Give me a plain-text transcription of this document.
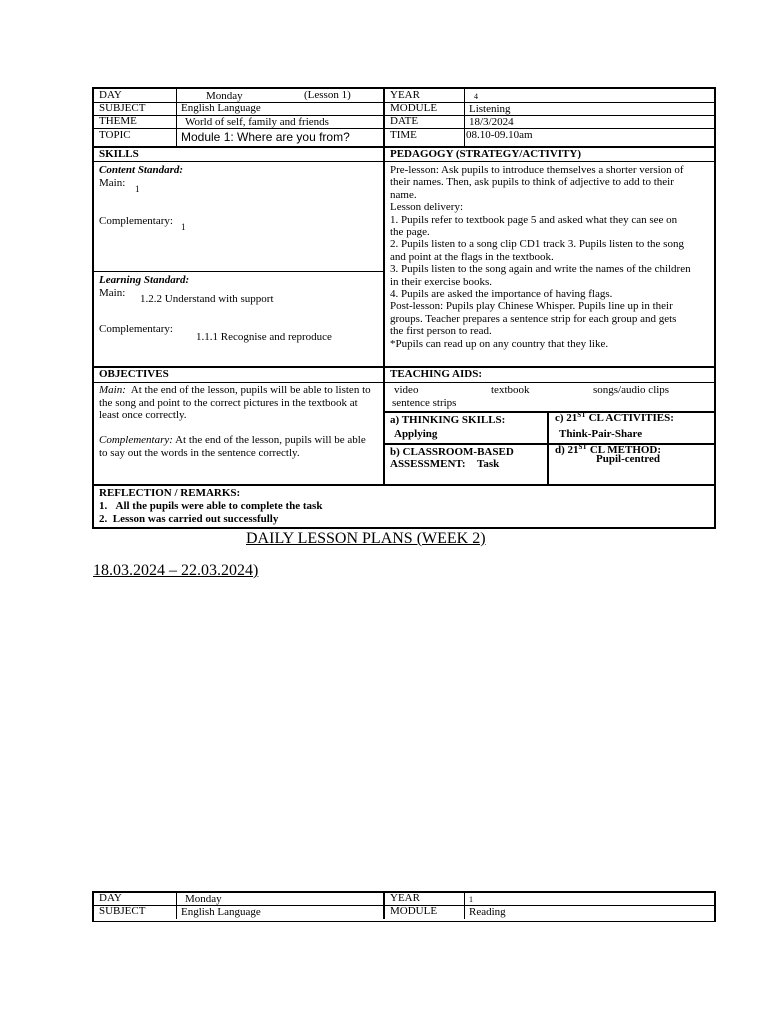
DAY	Monday	(Lesson 1)	YEAR	4
SUBJECT	English Language	MODULE	Listening
THEME	World of self, family and friends	DATE	18/3/2024
TOPIC	Module 1: Where are you from?	TIME	08.10-09.10am
SKILLS	PEDAGOGY (STRATEGY/ACTIVITY)
Content Standard:
Main: 1
Complementary: 1
Learning Standard:
Main: 1.2.2 Understand with support
Complementary:
1.1.1 Recognise and reproduce
Pre-lesson: Ask pupils to introduce themselves a shorter version of
their names. Then, ask pupils to think of adjective to add to their
name.
Lesson delivery:
1. Pupils refer to textbook page 5 and asked what they can see on
the page.
2. Pupils listen to a song clip CD1 track 3. Pupils listen to the song
and point at the flags in the textbook.
3. Pupils listen to the song again and write the names of the children
in their exercise books.
4. Pupils are asked the importance of having flags.
Post-lesson: Pupils play Chinese Whisper. Pupils line up in their
groups. Teacher prepares a sentence strip for each group and gets
the first person to read.
*Pupils can read up on any country that they like.
OBJECTIVES	TEACHING AIDS:
Main: At the end of the lesson, pupils will be able to listen to the song and point to the correct pictures in the textbook at least once correctly.
Complementary: At the end of the lesson, pupils will be able to say out the words in the sentence correctly.
video	textbook	songs/audio clips
sentence strips
a) THINKING SKILLS:
Applying
c) 21ST CL ACTIVITIES:
Think-Pair-Share
b) CLASSROOM-BASED
ASSESSMENT: Task
d) 21ST CL METHOD:
Pupil-centred
REFLECTION / REMARKS:
1.   All the pupils were able to complete the task
2.  Lesson was carried out successfully
DAILY LESSON PLANS (WEEK 2)
18.03.2024 – 22.03.2024)
DAY	Monday	YEAR	1
SUBJECT	English Language	MODULE	Reading
